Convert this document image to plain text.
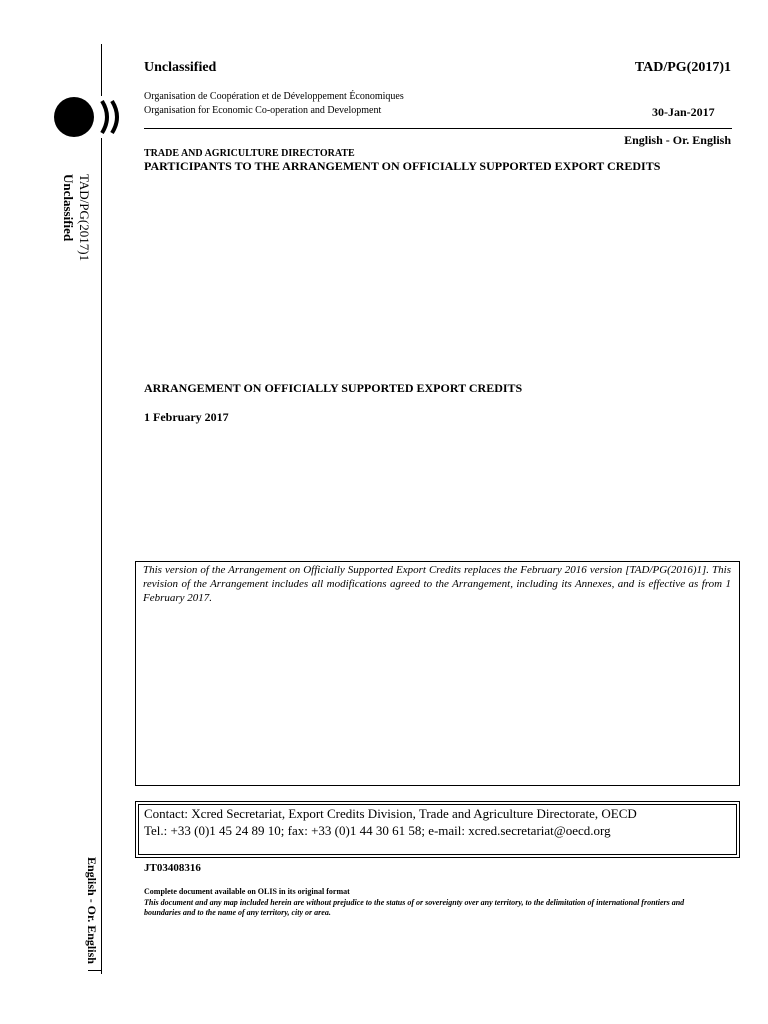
TAD/PG(2017)1
Unclassified
English - Or. English
Unclassified	TAD/PG(2017)1
Organisation de Coopération et de Développement Économiques
Organisation for Economic Co-operation and Development	30-Jan-2017
English - Or. English
TRADE AND AGRICULTURE DIRECTORATE
PARTICIPANTS TO THE ARRANGEMENT ON OFFICIALLY SUPPORTED EXPORT CREDITS
ARRANGEMENT ON OFFICIALLY SUPPORTED EXPORT CREDITS
1 February 2017
This version of the Arrangement on Officially Supported Export Credits replaces the February 2016 version [TAD/PG(2016)1]. This revision of the Arrangement includes all modifications agreed to the Arrangement, including its Annexes, and is effective as from 1 February 2017.
Contact: Xcred Secretariat, Export Credits Division, Trade and Agriculture Directorate, OECD
Tel.: +33 (0)1 45 24 89 10; fax: +33 (0)1 44 30 61 58; e-mail: xcred.secretariat@oecd.org
JT03408316
Complete document available on OLIS in its original format
This document and any map included herein are without prejudice to the status of or sovereignty over any territory, to the delimitation of international frontiers and boundaries and to the name of any territory, city or area.
